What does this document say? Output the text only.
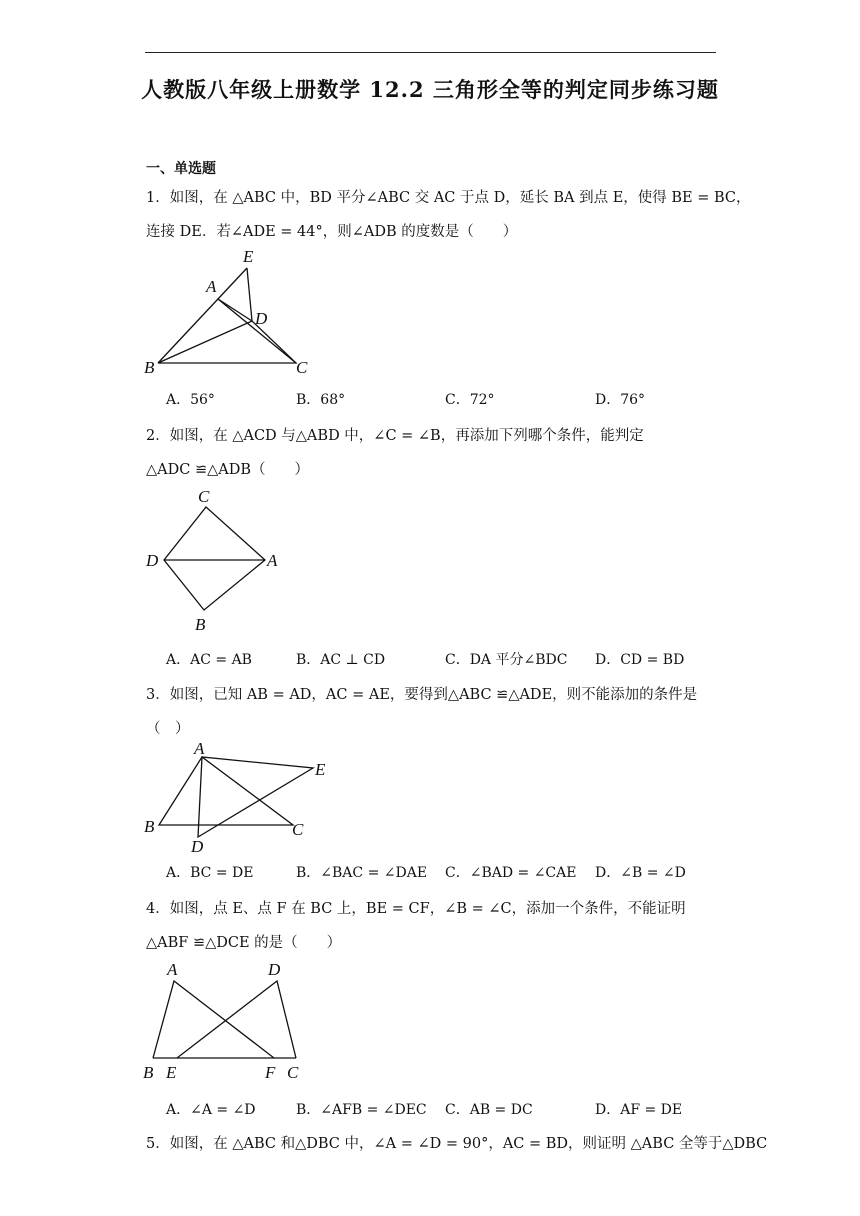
人教版八年级上册数学 12.2 三角形全等的判定同步练习题
一、单选题
1．如图，在 △ABC 中，BD 平分∠ABC 交 AC 于点 D，延长 BA 到点 E，使得 BE = BC，
连接 DE．若∠ADE = 44°，则∠ADB 的度数是（　　）
E
A
D
B	C
A．56°	B．68°	C．72°	D．76°
2．如图，在 △ACD 与△ABD 中，∠C = ∠B，再添加下列哪个条件，能判定
△ADC ≌△ADB（　　）
C
D	A
B
A．AC = AB	B．AC ⊥ CD	C．DA 平分∠BDC D．CD = BD
3．如图，已知 AB = AD，AC = AE，要得到△ABC ≌△ADE，则不能添加的条件是
（　）
A
E
B	C
D
A．BC = DE	B．∠BAC = ∠DAE C．∠BAD = ∠CAE D．∠B = ∠D
4．如图，点 E、点 F 在 BC 上，BE = CF，∠B = ∠C，添加一个条件，不能证明
△ABF ≌△DCE 的是（　　）
A	D
B E	F C
A．∠A = ∠D	B．∠AFB = ∠DEC C．AB = DC	D．AF = DE
5．如图，在 △ABC 和△DBC 中，∠A = ∠D = 90°，AC = BD，则证明 △ABC 全等于△DBC
